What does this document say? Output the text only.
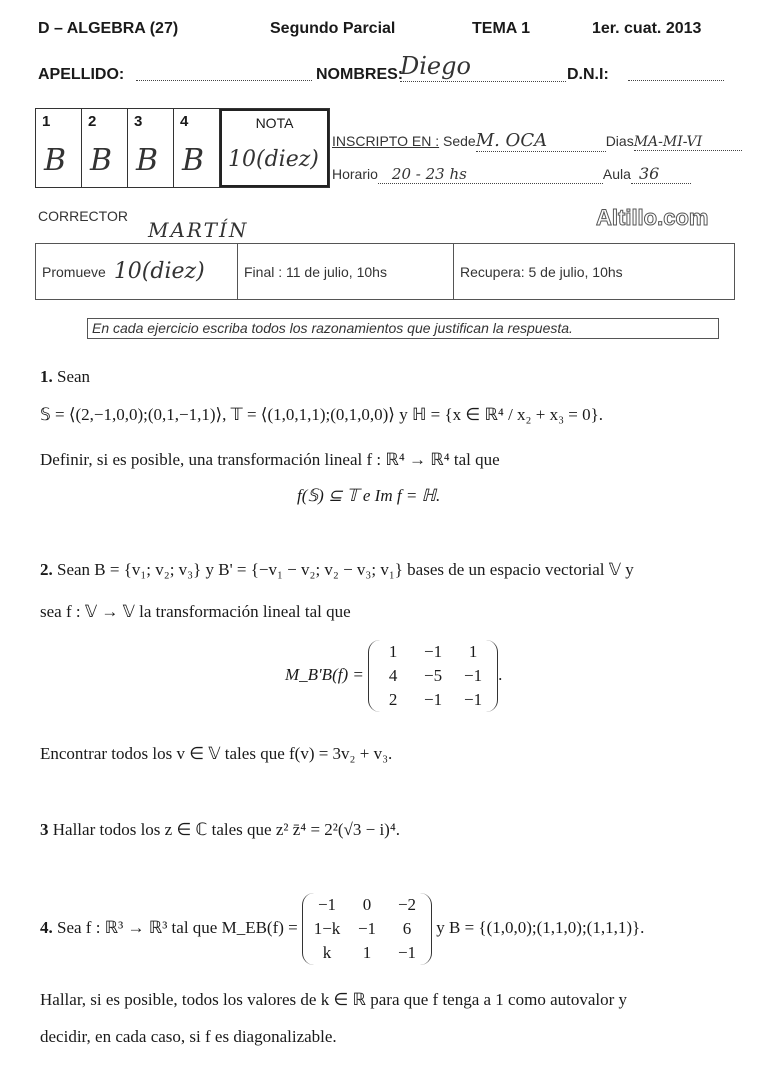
D – ALGEBRA (27)	Segundo Parcial	TEMA 1	1er. cuat. 2013
APELLIDO:	NOMBRES:
Diego	D.N.I:
1
B
2
B
3
B
4
B
NOTA
10(diez)
INSCRIPTO EN : SedeM. OCA	DiasMA-MI-VI
Horario 20 - 23 hs	Aula 36
CORRECTOR
MARTÍN	Altillo.com
Promueve 10(diez)	Final : 11 de julio, 10hs	Recupera: 5 de julio, 10hs
En cada ejercicio escriba todos los razonamientos que justifican la respuesta.
1. Sean
𝕊 = ⟨(2,−1,0,0);(0,1,−1,1)⟩, 𝕋 = ⟨(1,0,1,1);(0,1,0,0)⟩ y ℍ = {x ∈ ℝ⁴ / x₂ + x₃ = 0}.
Definir, si es posible, una transformación lineal f : ℝ⁴ → ℝ⁴ tal que
f(𝕊) ⊆ 𝕋 e Im f = ℍ.
2. Sean B = {v₁; v₂; v₃} y B' = {−v₁ − v₂; v₂ − v₃; v₁} bases de un espacio vectorial 𝕍 y
sea f : 𝕍 → 𝕍 la transformación lineal tal que
M_B'B(f) =
1	−1	1
4	−5	−1
2	−1	−1
.
Encontrar todos los v ∈ 𝕍 tales que f(v) = 3v₂ + v₃.
3 Hallar todos los z ∈ ℂ tales que z² z̄⁴ = 2²(√3 − i)⁴.
4. Sea f : ℝ³ → ℝ³ tal que M_EB(f) =
−1	0	−2
1−k	−1	6
k	1	−1
y B = {(1,0,0);(1,1,0);(1,1,1)}.
Hallar, si es posible, todos los valores de k ∈ ℝ para que f tenga a 1 como autovalor y
decidir, en cada caso, si f es diagonalizable.
